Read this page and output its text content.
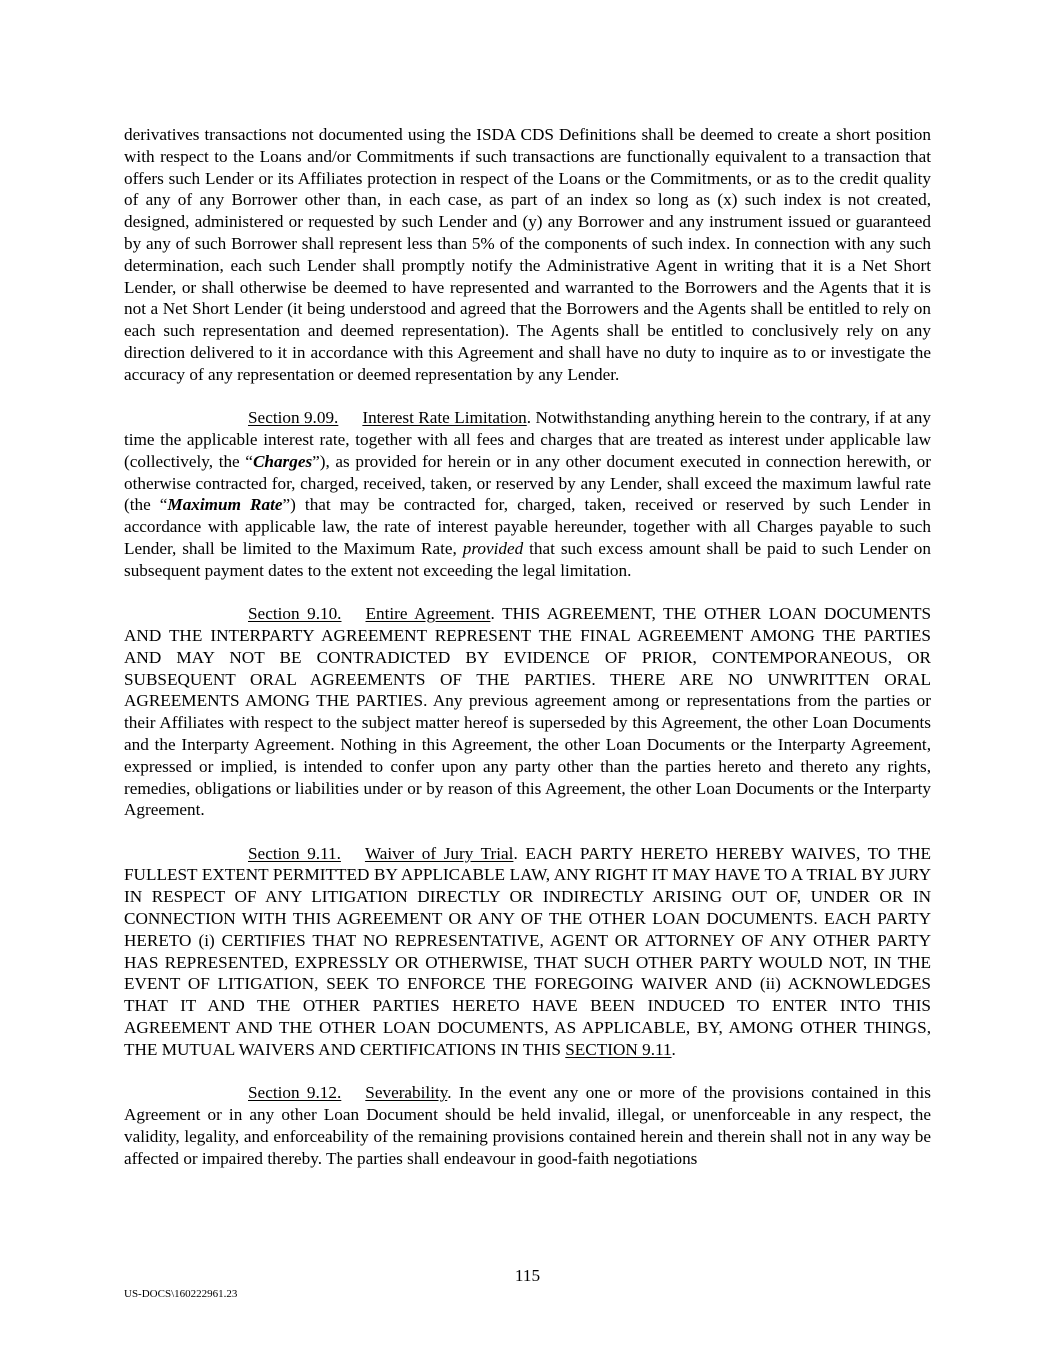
derivatives transactions not documented using the ISDA CDS Definitions shall be deemed to create a short position with respect to the Loans and/or Commitments if such transactions are functionally equivalent to a transaction that offers such Lender or its Affiliates protection in respect of the Loans or the Commitments, or as to the credit quality of any of any Borrower other than, in each case, as part of an index so long as (x) such index is not created, designed, administered or requested by such Lender and (y) any Borrower and any instrument issued or guaranteed by any of such Borrower shall represent less than 5% of the components of such index. In connection with any such determination, each such Lender shall promptly notify the Administrative Agent in writing that it is a Net Short Lender, or shall otherwise be deemed to have represented and warranted to the Borrowers and the Agents that it is not a Net Short Lender (it being understood and agreed that the Borrowers and the Agents shall be entitled to rely on each such representation and deemed representation). The Agents shall be entitled to conclusively rely on any direction delivered to it in accordance with this Agreement and shall have no duty to inquire as to or investigate the accuracy of any representation or deemed representation by any Lender.

Section 9.09. Interest Rate Limitation. Notwithstanding anything herein to the contrary, if at any time the applicable interest rate, together with all fees and charges that are treated as interest under applicable law (collectively, the “Charges”), as provided for herein or in any other document executed in connection herewith, or otherwise contracted for, charged, received, taken, or reserved by any Lender, shall exceed the maximum lawful rate (the “Maximum Rate”) that may be contracted for, charged, taken, received or reserved by such Lender in accordance with applicable law, the rate of interest payable hereunder, together with all Charges payable to such Lender, shall be limited to the Maximum Rate, provided that such excess amount shall be paid to such Lender on subsequent payment dates to the extent not exceeding the legal limitation.

Section 9.10. Entire Agreement. THIS AGREEMENT, THE OTHER LOAN DOCUMENTS AND THE INTERPARTY AGREEMENT REPRESENT THE FINAL AGREEMENT AMONG THE PARTIES AND MAY NOT BE CONTRADICTED BY EVIDENCE OF PRIOR, CONTEMPORANEOUS, OR SUBSEQUENT ORAL AGREEMENTS OF THE PARTIES. THERE ARE NO UNWRITTEN ORAL AGREEMENTS AMONG THE PARTIES. Any previous agreement among or representations from the parties or their Affiliates with respect to the subject matter hereof is superseded by this Agreement, the other Loan Documents and the Interparty Agreement. Nothing in this Agreement, the other Loan Documents or the Interparty Agreement, expressed or implied, is intended to confer upon any party other than the parties hereto and thereto any rights, remedies, obligations or liabilities under or by reason of this Agreement, the other Loan Documents or the Interparty Agreement.

Section 9.11. Waiver of Jury Trial. EACH PARTY HERETO HEREBY WAIVES, TO THE FULLEST EXTENT PERMITTED BY APPLICABLE LAW, ANY RIGHT IT MAY HAVE TO A TRIAL BY JURY IN RESPECT OF ANY LITIGATION DIRECTLY OR INDIRECTLY ARISING OUT OF, UNDER OR IN CONNECTION WITH THIS AGREEMENT OR ANY OF THE OTHER LOAN DOCUMENTS. EACH PARTY HERETO (i) CERTIFIES THAT NO REPRESENTATIVE, AGENT OR ATTORNEY OF ANY OTHER PARTY HAS REPRESENTED, EXPRESSLY OR OTHERWISE, THAT SUCH OTHER PARTY WOULD NOT, IN THE EVENT OF LITIGATION, SEEK TO ENFORCE THE FOREGOING WAIVER AND (ii) ACKNOWLEDGES THAT IT AND THE OTHER PARTIES HERETO HAVE BEEN INDUCED TO ENTER INTO THIS AGREEMENT AND THE OTHER LOAN DOCUMENTS, AS APPLICABLE, BY, AMONG OTHER THINGS, THE MUTUAL WAIVERS AND CERTIFICATIONS IN THIS SECTION 9.11.

Section 9.12. Severability. In the event any one or more of the provisions contained in this Agreement or in any other Loan Document should be held invalid, illegal, or unenforceable in any respect, the validity, legality, and enforceability of the remaining provisions contained herein and therein shall not in any way be affected or impaired thereby. The parties shall endeavour in good-faith negotiations

115
US-DOCS\160222961.23
